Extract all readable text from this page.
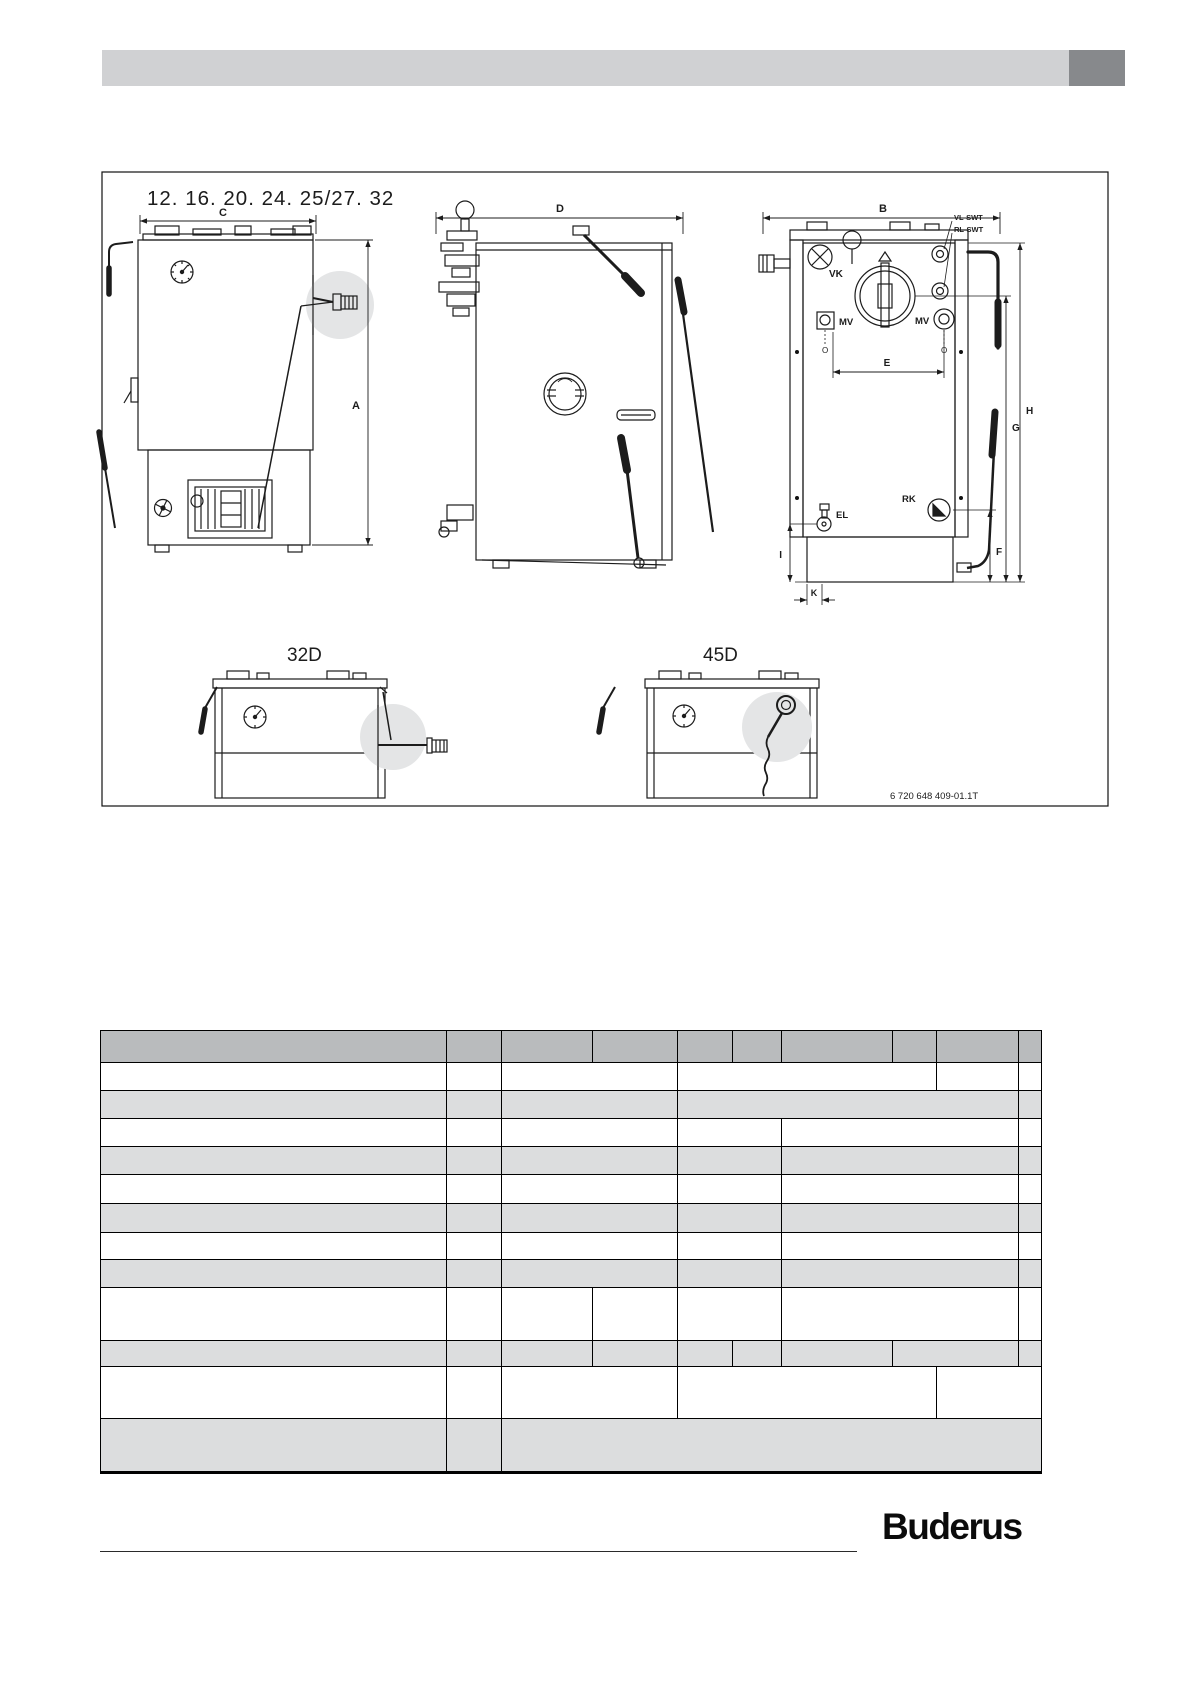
12. 16. 20. 24. 25/27. 32
C
A
D	B
VL-SWT
RL-SWT
VK
MV
O
MV
O
E
G
H
RK
EL
I	F
K
32D	45D
6 720 648 409-01.1T
Buderus
